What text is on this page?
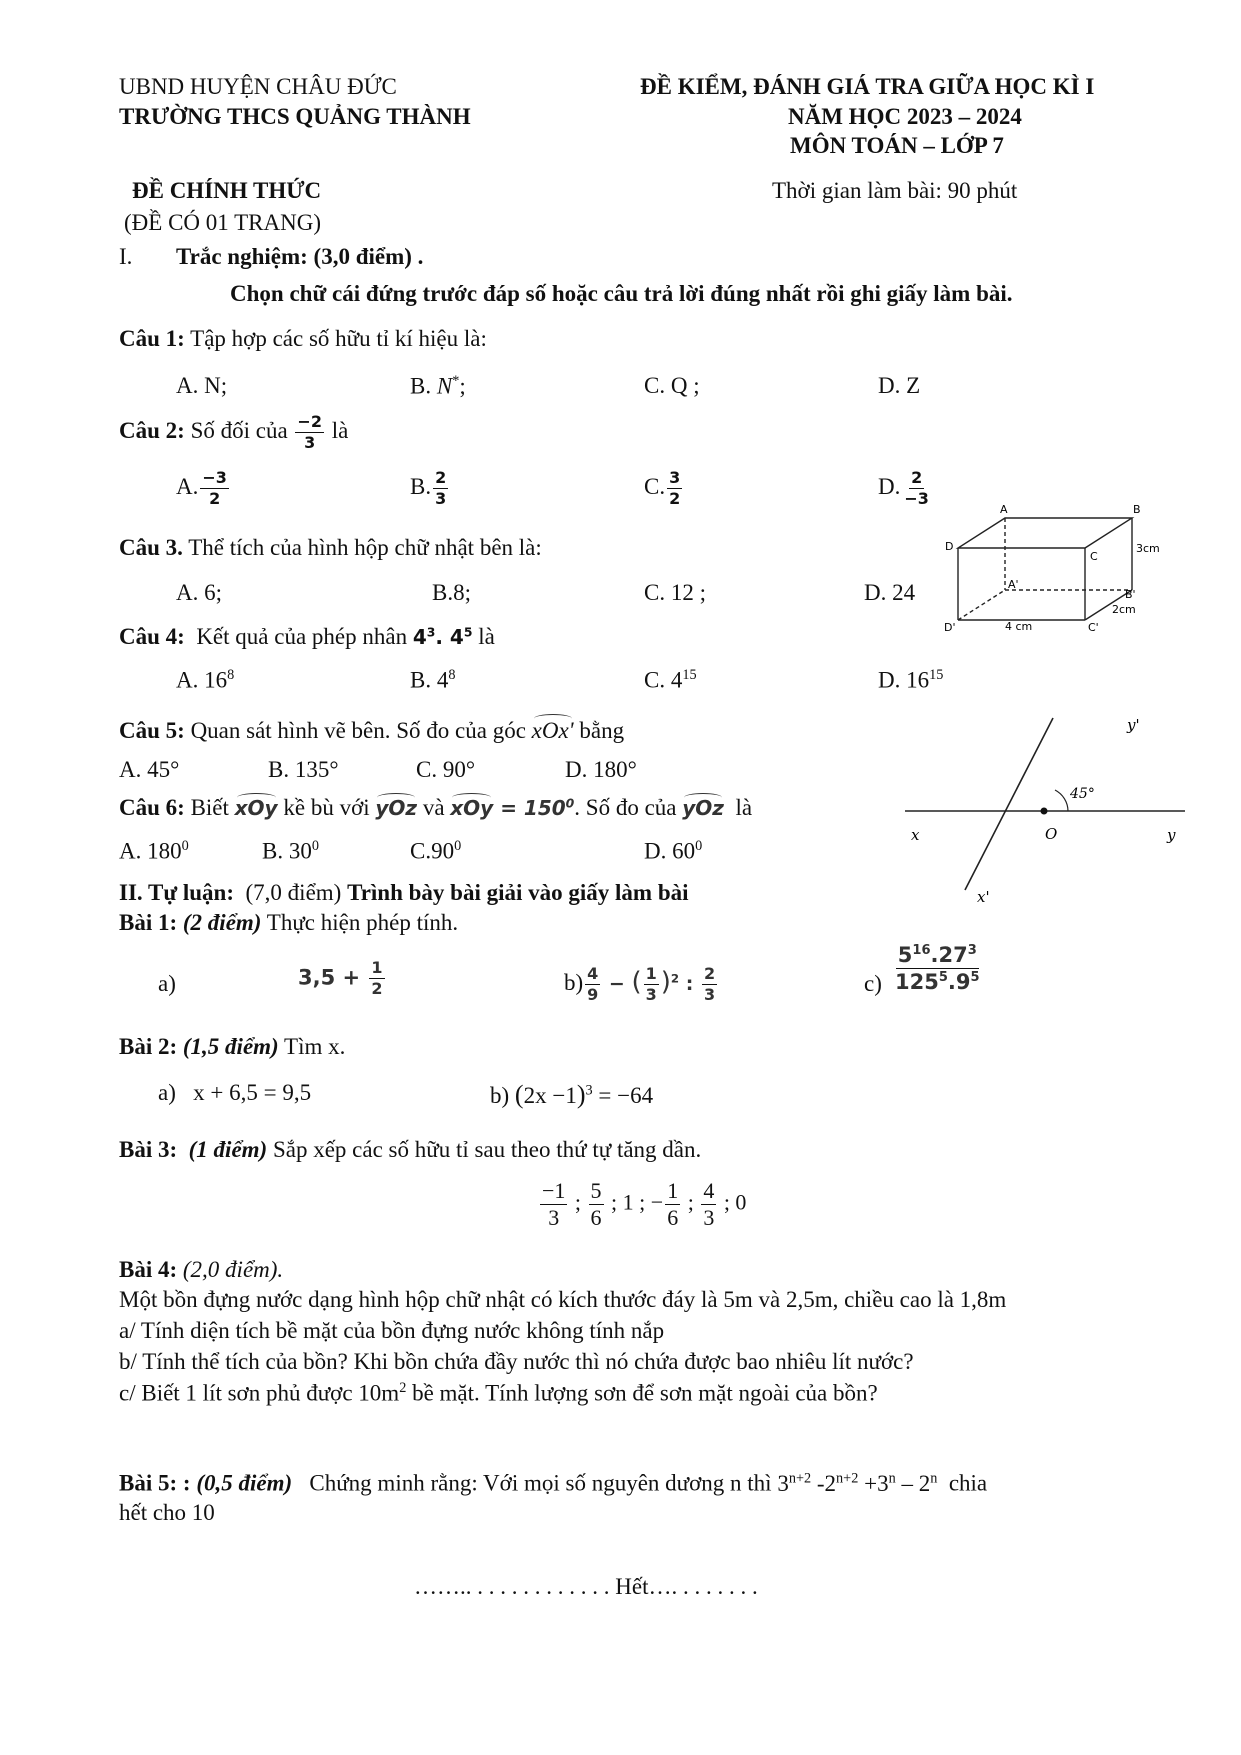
UBND HUYỆN CHÂU ĐỨC
TRƯỜNG THCS QUẢNG THÀNH
ĐỀ KIỂM, ĐÁNH GIÁ TRA GIỮA HỌC KÌ I
NĂM HỌC 2023 – 2024
MÔN TOÁN – LỚP 7
ĐỀ CHÍNH THỨC	Thời gian làm bài: 90 phút
(ĐỀ CÓ 01 TRANG)
I. Trắc nghiệm: (3,0 điểm) .
Chọn chữ cái đứng trước đáp số hoặc câu trả lời đúng nhất rồi ghi giấy làm bài.
Câu 1: Tập hợp các số hữu tỉ kí hiệu là:
A. N;	B. N*;	C. Q ;	D. Z
Câu 2: Số đối của $\frac{-2}{3}$ là
A. $\frac{-3}{2}$	B. $\frac{2}{3}$	C. $\frac{3}{2}$	D. $\frac{2}{-3}$
A	B
C
D
A'
B'
C'
D'
3cm
2cm
4 cm
Câu 3. Thể tích của hình hộp chữ nhật bên là:
A. 6;	B.8;	C. 12 ;	D. 24
Câu 4: Kết quả của phép nhân $4^3$. $4^5$ là
A. $16^8$	B. $4^8$	C. $4^{15}$	D. $16^{15}$
y'
45°
x	O	y
x'
Câu 5: Quan sát hình vẽ bên. Số đo của góc xOx' bằng
A. 45°	B. 135°	C. 90°	D. 180°
Câu 6: Biết xOy kề bù với yOz và xOy = $150^0$. Số đo của yOz là
A. $180^0$	B. $30^0$	$C.90^0$	D. $60^0$
II. Tự luận: (7,0 điểm) Trình bày bài giải vào giấy làm bài
Bài 1: (2 điểm) Thực hiện phép tính.
a)	$3,5 + \frac{1}{2}$	$b) \frac{4}{9}$ − ( $\frac{1}{3} )^2$ : $\frac{2}{3}$	$c) \frac{5^{16}.27^3}{125^5.9^5}$
Bài 2: (1,5 điểm) Tìm x.
a) x + 6,5 = 9,5	b) $(2x -1)^3 = -64$
Bài 3: (1 điểm) Sắp xếp các số hữu tỉ sau theo thứ tự tăng dần.
$\frac{-1}{3}$ ; $\frac{5}{6}$ ; 1 ; − $\frac{1}{6}$ ; $\frac{4}{3}$ ; 0
Bài 4: (2,0 điểm).
Một bồn đựng nước dạng hình hộp chữ nhật có kích thước đáy là 5m và 2,5m, chiều cao là 1,8m
a/ Tính diện tích bề mặt của bồn đựng nước không tính nắp
b/ Tính thể tích của bồn? Khi bồn chứa đầy nước thì nó chứa được bao nhiêu lít nước?
c/ Biết 1 lít sơn phủ được $10m^2$ bề mặt. Tính lượng sơn để sơn mặt ngoài của bồn?
Bài 5: : (0,5 điểm) Chứng minh rằng: Với mọi số nguyên dương n thì $3^{n+2}$ $-2^{n+2} +3^n - 2^n$ chia
hết cho 10
…….. . . . . . . . . . . . . Hết…. . . . . . . .
